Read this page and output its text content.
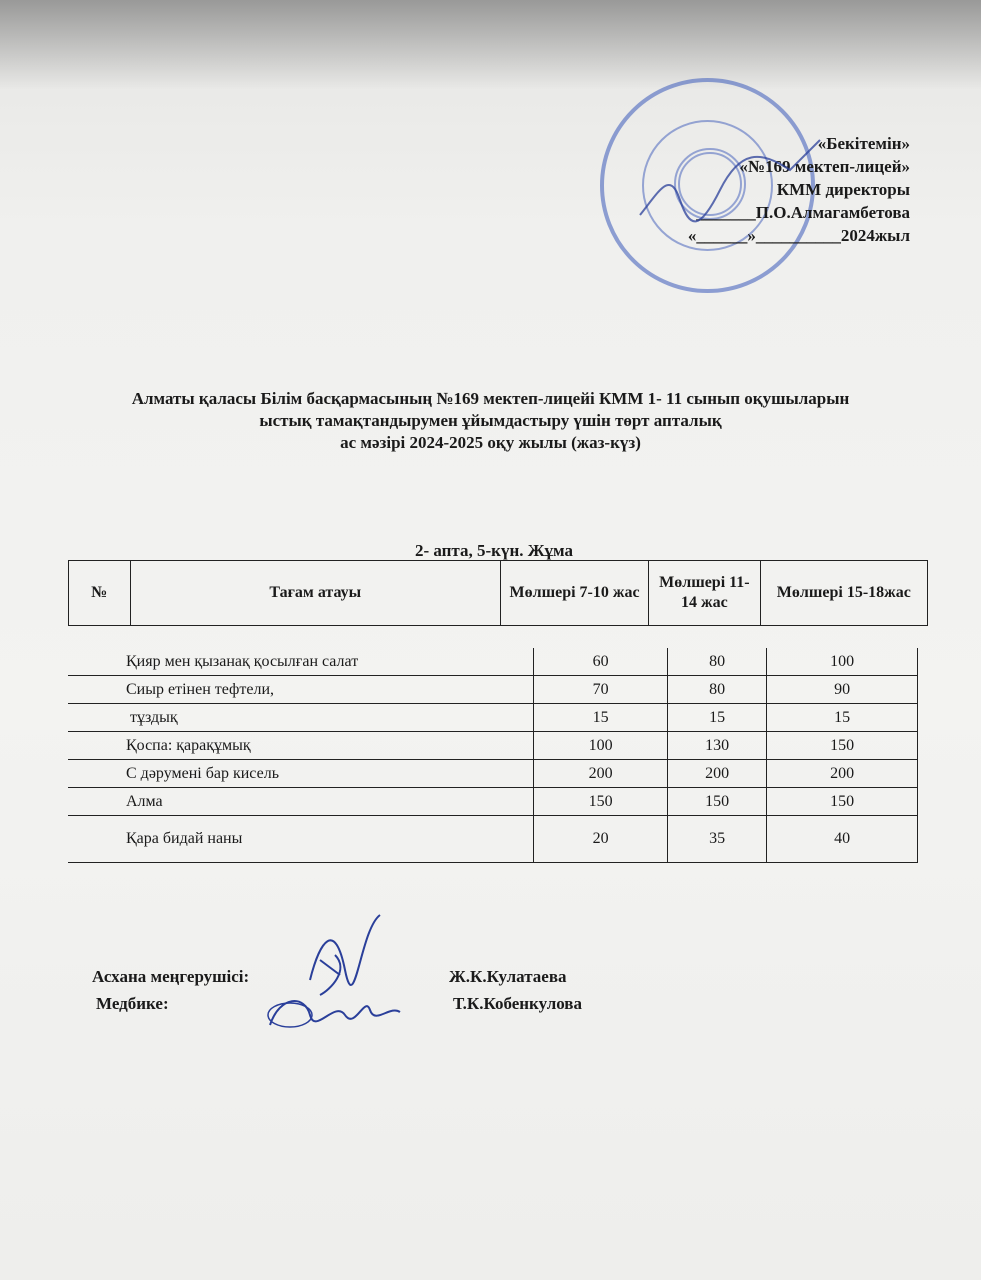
«Бекітемін»
«№169 мектеп-лицей»
КММ директоры
_______П.О.Алмагамбетова
«______»__________2024жыл
Алматы қаласы Білім басқармасының №169 мектеп-лицейі КММ 1- 11 сынып оқушыларын
ыстық тамақтандырумен ұйымдастыру үшін төрт апталық
ас мәзірі 2024-2025 оқу жылы (жаз-күз)
2- апта, 5-күн. Жұма
№	Тағам атауы	Мөлшері 7-10 жас	Мөлшері 11-14 жас	Мөлшері 15-18жас
Қияр мен қызанақ қосылған салат	60	80	100
Сиыр етінен тефтели,	70	80	90
тұздық	15	15	15
Қоспа: қарақұмық	100	130	150
С дәрумені бар кисель	200	200	200
Алма	150	150	150
Қара бидай наны	20	35	40
Асхана меңгерушісі:	Ж.К.Кулатаева
Медбике:	Т.К.Кобенкулова
